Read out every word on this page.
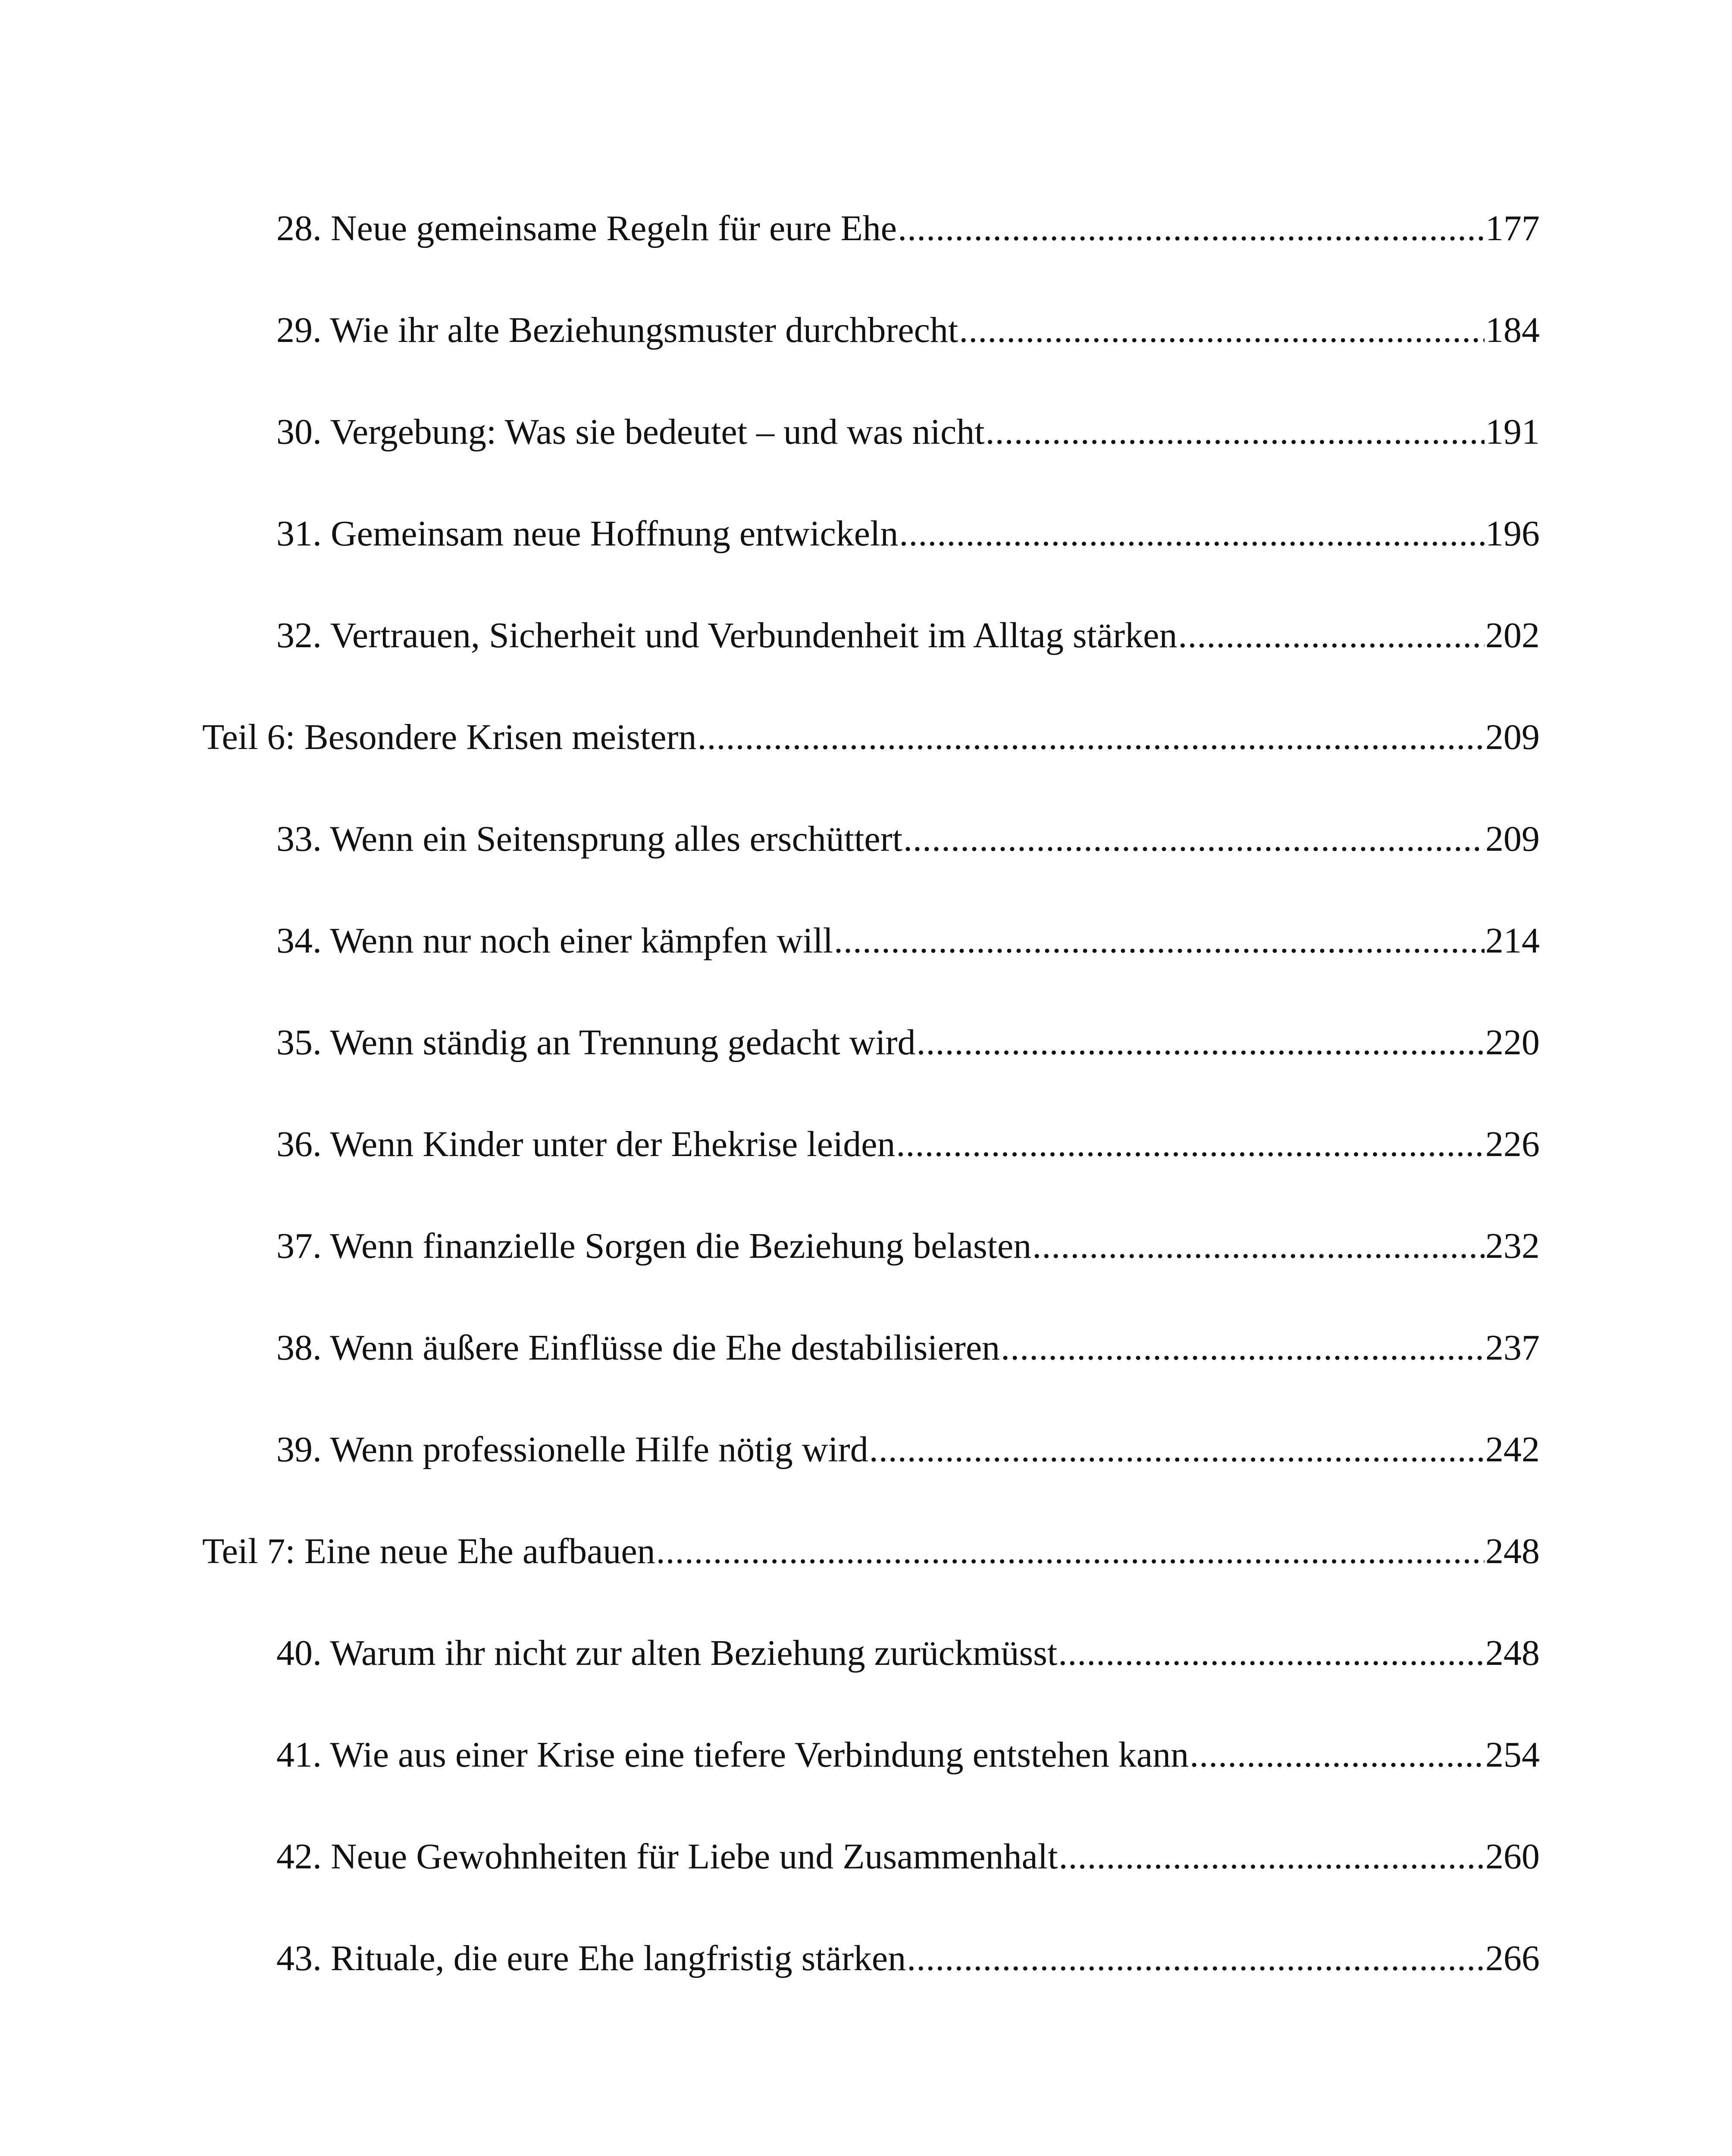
28. Neue gemeinsame Regeln für eure Ehe .....	177
29. Wie ihr alte Beziehungsmuster durchbrecht .....	184
30. Vergebung: Was sie bedeutet – und was nicht .....	191
31. Gemeinsam neue Hoffnung entwickeln .....	196
32. Vertrauen, Sicherheit und Verbundenheit im Alltag stärken .....	202
Teil 6: Besondere Krisen meistern .....	209
33. Wenn ein Seitensprung alles erschüttert .....	209
34. Wenn nur noch einer kämpfen will .....	214
35. Wenn ständig an Trennung gedacht wird .....	220
36. Wenn Kinder unter der Ehekrise leiden .....	226
37. Wenn finanzielle Sorgen die Beziehung belasten .....	232
38. Wenn äußere Einflüsse die Ehe destabilisieren .....	237
39. Wenn professionelle Hilfe nötig wird .....	242
Teil 7: Eine neue Ehe aufbauen .....	248
40. Warum ihr nicht zur alten Beziehung zurückmüsst .....	248
41. Wie aus einer Krise eine tiefere Verbindung entstehen kann .....	254
42. Neue Gewohnheiten für Liebe und Zusammenhalt .....	260
43. Rituale, die eure Ehe langfristig stärken .....	266
